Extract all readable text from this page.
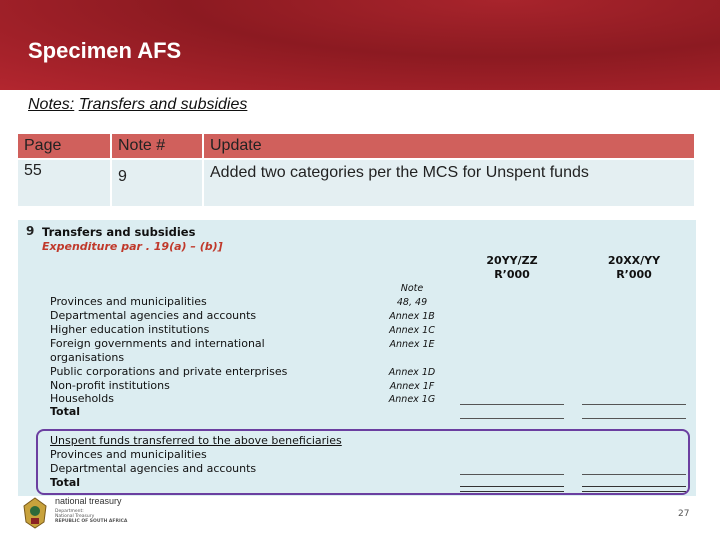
Specimen AFS
Notes: Transfers and subsidies
Page	Note #	Update
55	9	Added two categories per the MCS for Unspent funds
9 Transfers and subsidies
Expenditure par . 19(a) – (b)]
20YY/ZZ
R’000
20XX/YY
R’000
Note
Provinces and municipalities	48, 49
Departmental agencies and accounts	Annex 1B
Higher education institutions	Annex 1C
Foreign governments and international	Annex 1E
organisations
Public corporations and private enterprises	Annex 1D
Non-profit institutions	Annex 1F
Households	Annex 1G
Total
Unspent funds transferred to the above beneficiaries
Provinces and municipalities
Departmental agencies and accounts
Total
national treasury
Department:
National Treasury
REPUBLIC OF SOUTH AFRICA
27
